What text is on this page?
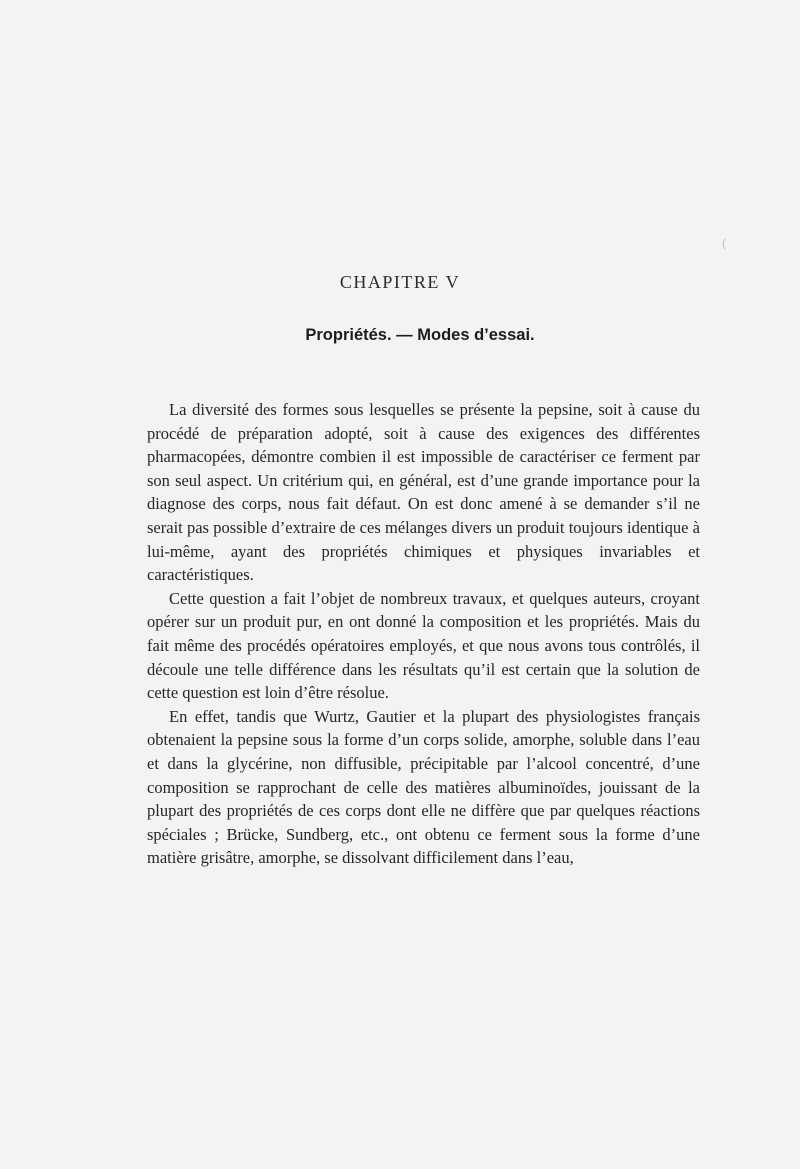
(
CHAPITRE V
Propriétés. — Modes d’essai.

La diversité des formes sous lesquelles se présente la pepsine, soit à cause du procédé de préparation adopté, soit à cause des exigences des différentes pharmacopées, démontre combien il est impossible de caractériser ce ferment par son seul aspect. Un critérium qui, en général, est d’une grande importance pour la diagnose des corps, nous fait défaut. On est donc amené à se demander s’il ne serait pas possible d’extraire de ces mélanges divers un produit toujours identique à lui-même, ayant des propriétés chimiques et physiques invariables et caractéristiques.

Cette question a fait l’objet de nombreux travaux, et quelques auteurs, croyant opérer sur un produit pur, en ont donné la composition et les propriétés. Mais du fait même des procédés opératoires employés, et que nous avons tous contrôlés, il découle une telle différence dans les résultats qu’il est certain que la solution de cette question est loin d’être résolue.

En effet, tandis que Wurtz, Gautier et la plupart des physiologistes français obtenaient la pepsine sous la forme d’un corps solide, amorphe, soluble dans l’eau et dans la glycérine, non diffusible, précipitable par l’alcool concentré, d’une composition se rapprochant de celle des matières albuminoïdes, jouissant de la plupart des propriétés de ces corps dont elle ne diffère que par quelques réactions spéciales ; Brücke, Sundberg, etc., ont obtenu ce ferment sous la forme d’une matière grisâtre, amorphe, se dissolvant difficilement dans l’eau,
